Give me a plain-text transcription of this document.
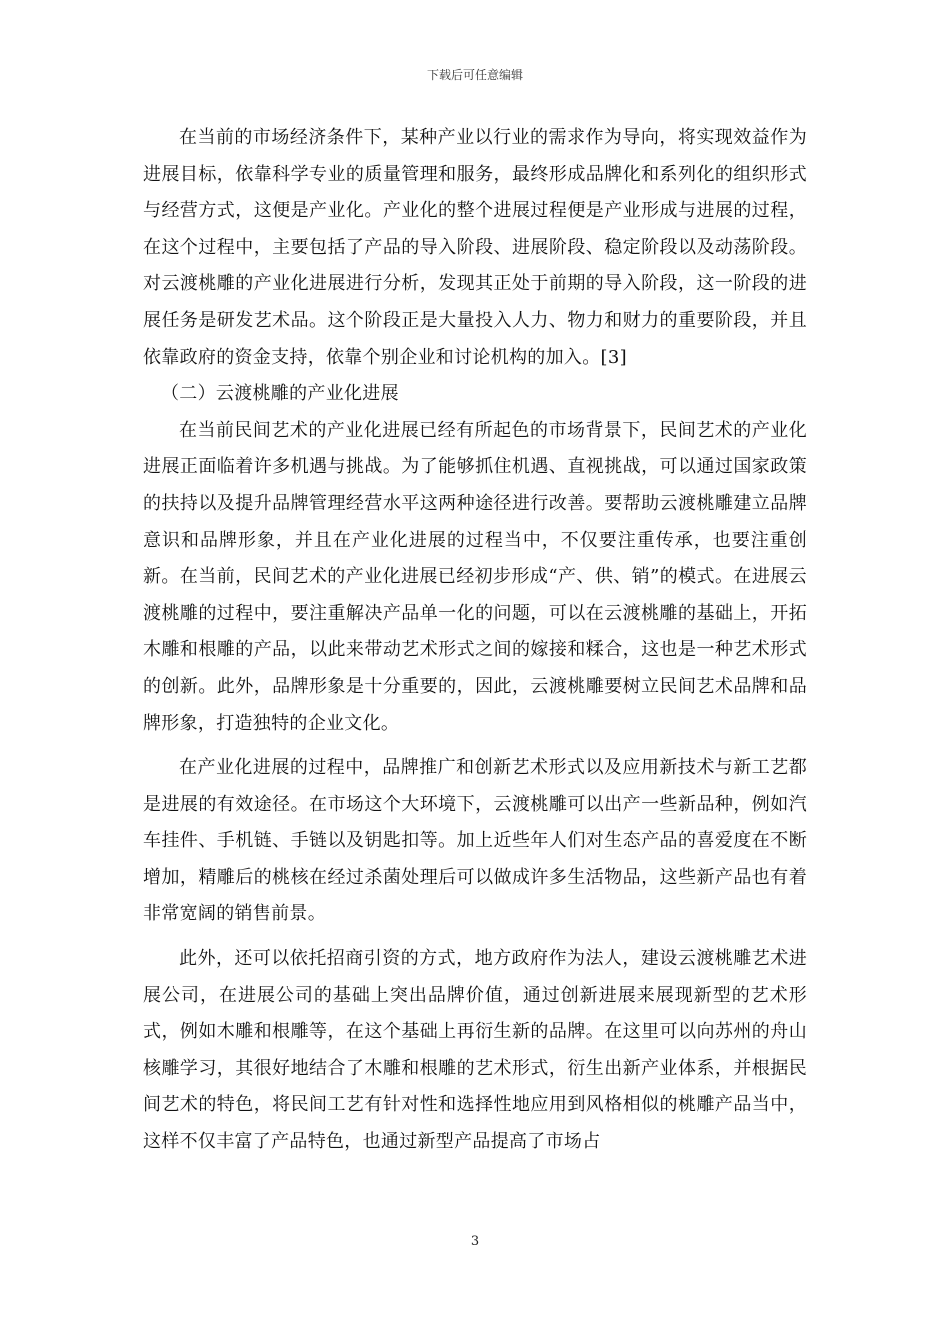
下载后可任意编辑

在当前的市场经济条件下，某种产业以行业的需求作为导向，将实现效益作为进展目标，依靠科学专业的质量管理和服务，最终形成品牌化和系列化的组织形式与经营方式，这便是产业化。产业化的整个进展过程便是产业形成与进展的过程，在这个过程中，主要包括了产品的导入阶段、进展阶段、稳定阶段以及动荡阶段。对云渡桃雕的产业化进展进行分析，发现其正处于前期的导入阶段，这一阶段的进展任务是研发艺术品。这个阶段正是大量投入人力、物力和财力的重要阶段，并且依靠政府的资金支持，依靠个别企业和讨论机构的加入。[3]

（二）云渡桃雕的产业化进展

在当前民间艺术的产业化进展已经有所起色的市场背景下，民间艺术的产业化进展正面临着许多机遇与挑战。为了能够抓住机遇、直视挑战，可以通过国家政策的扶持以及提升品牌管理经营水平这两种途径进行改善。要帮助云渡桃雕建立品牌意识和品牌形象，并且在产业化进展的过程当中，不仅要注重传承，也要注重创新。在当前，民间艺术的产业化进展已经初步形成“产、供、销”的模式。在进展云渡桃雕的过程中，要注重解决产品单一化的问题，可以在云渡桃雕的基础上，开拓木雕和根雕的产品，以此来带动艺术形式之间的嫁接和糅合，这也是一种艺术形式的创新。此外，品牌形象是十分重要的，因此，云渡桃雕要树立民间艺术品牌和品牌形象，打造独特的企业文化。

在产业化进展的过程中，品牌推广和创新艺术形式以及应用新技术与新工艺都是进展的有效途径。在市场这个大环境下，云渡桃雕可以出产一些新品种，例如汽车挂件、手机链、手链以及钥匙扣等。加上近些年人们对生态产品的喜爱度在不断增加，精雕后的桃核在经过杀菌处理后可以做成许多生活物品，这些新产品也有着非常宽阔的销售前景。

此外，还可以依托招商引资的方式，地方政府作为法人，建设云渡桃雕艺术进展公司，在进展公司的基础上突出品牌价值，通过创新进展来展现新型的艺术形式，例如木雕和根雕等，在这个基础上再衍生新的品牌。在这里可以向苏州的舟山核雕学习，其很好地结合了木雕和根雕的艺术形式，衍生出新产业体系，并根据民间艺术的特色，将民间工艺有针对性和选择性地应用到风格相似的桃雕产品当中，这样不仅丰富了产品特色，也通过新型产品提高了市场占

3
